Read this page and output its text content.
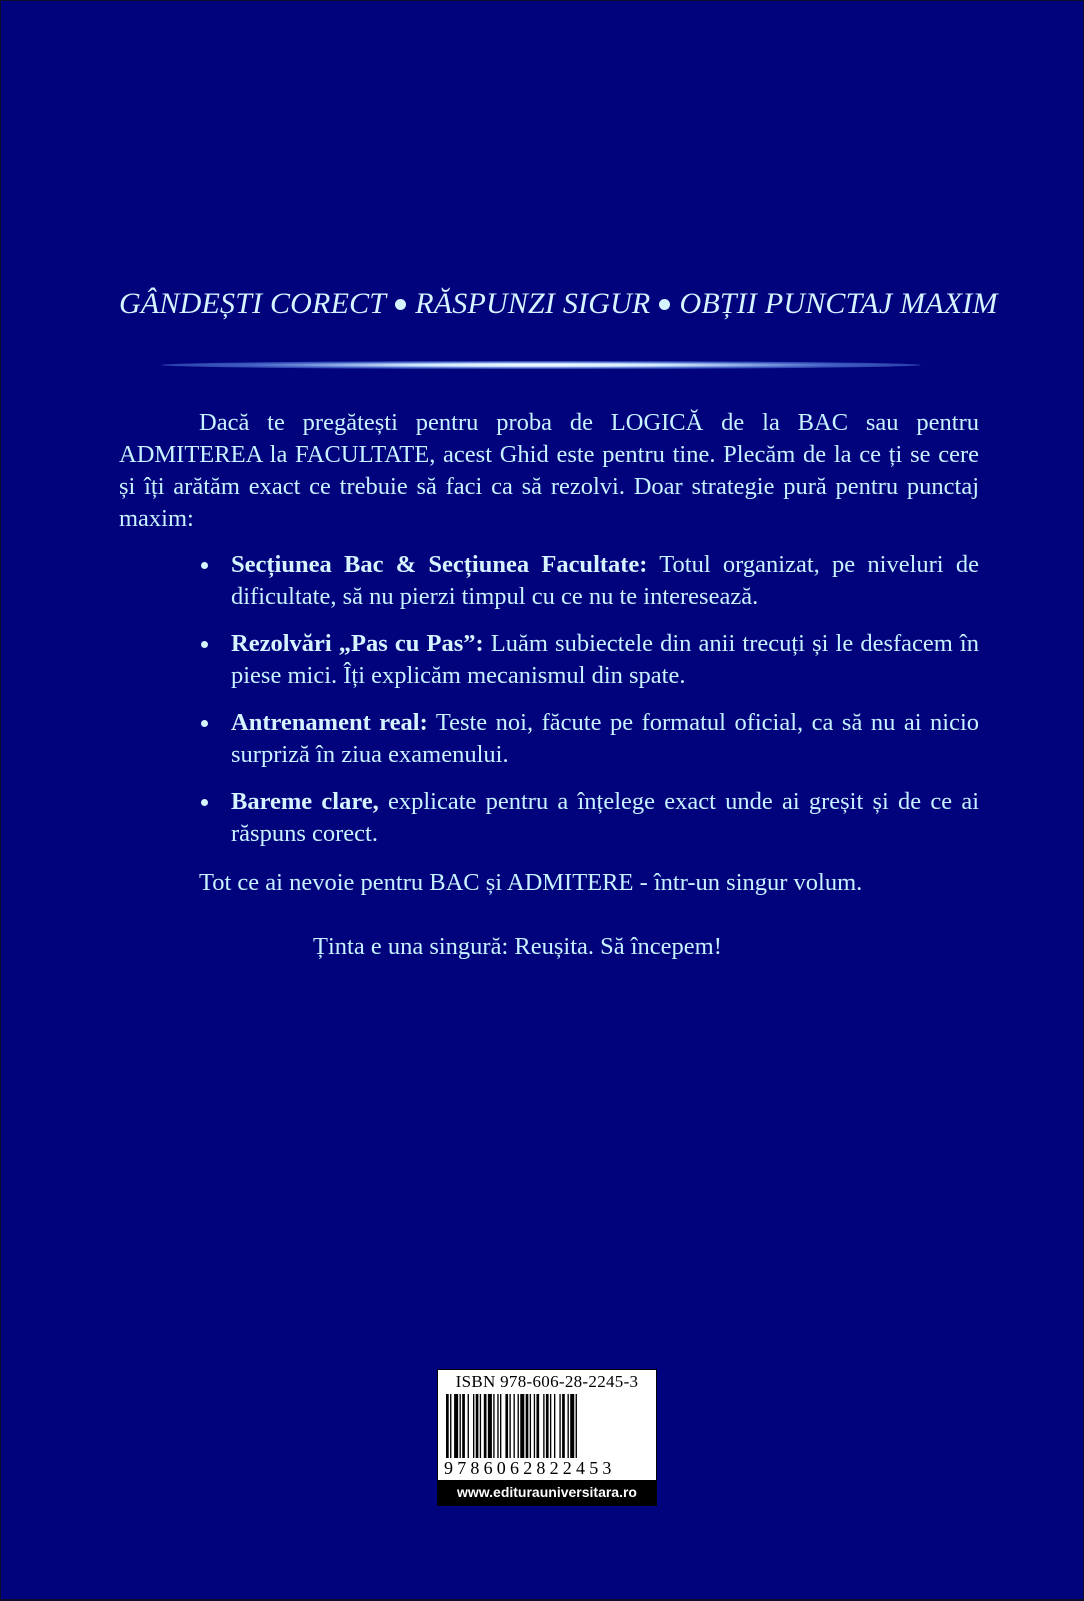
GÂNDEȘTI CORECT RĂSPUNZI SIGUR OBȚII PUNCTAJ MAXIM

Dacă te pregătești pentru proba de LOGICĂ de la BAC sau pentru ADMITEREA la FACULTATE, acest Ghid este pentru tine. Plecăm de la ce ți se cere și îți arătăm exact ce trebuie să faci ca să rezolvi. Doar strategie pură pentru punctaj maxim:

Secțiunea Bac & Secțiunea Facultate: Totul organizat, pe niveluri de dificultate, să nu pierzi timpul cu ce nu te interesează.
Rezolvări „Pas cu Pas”: Luăm subiectele din anii trecuți și le desfacem în piese mici. Îți explicăm mecanismul din spate.
Antrenament real: Teste noi, făcute pe formatul oficial, ca să nu ai nicio surpriză în ziua examenului.
Bareme clare, explicate pentru a înțelege exact unde ai greșit și de ce ai răspuns corect.

Tot ce ai nevoie pentru BAC și ADMITERE - într-un singur volum.

Ținta e una singură: Reușita. Să începem!

ISBN 978-606-28-2245-3
9786062822453
www.editurauniversitara.ro
